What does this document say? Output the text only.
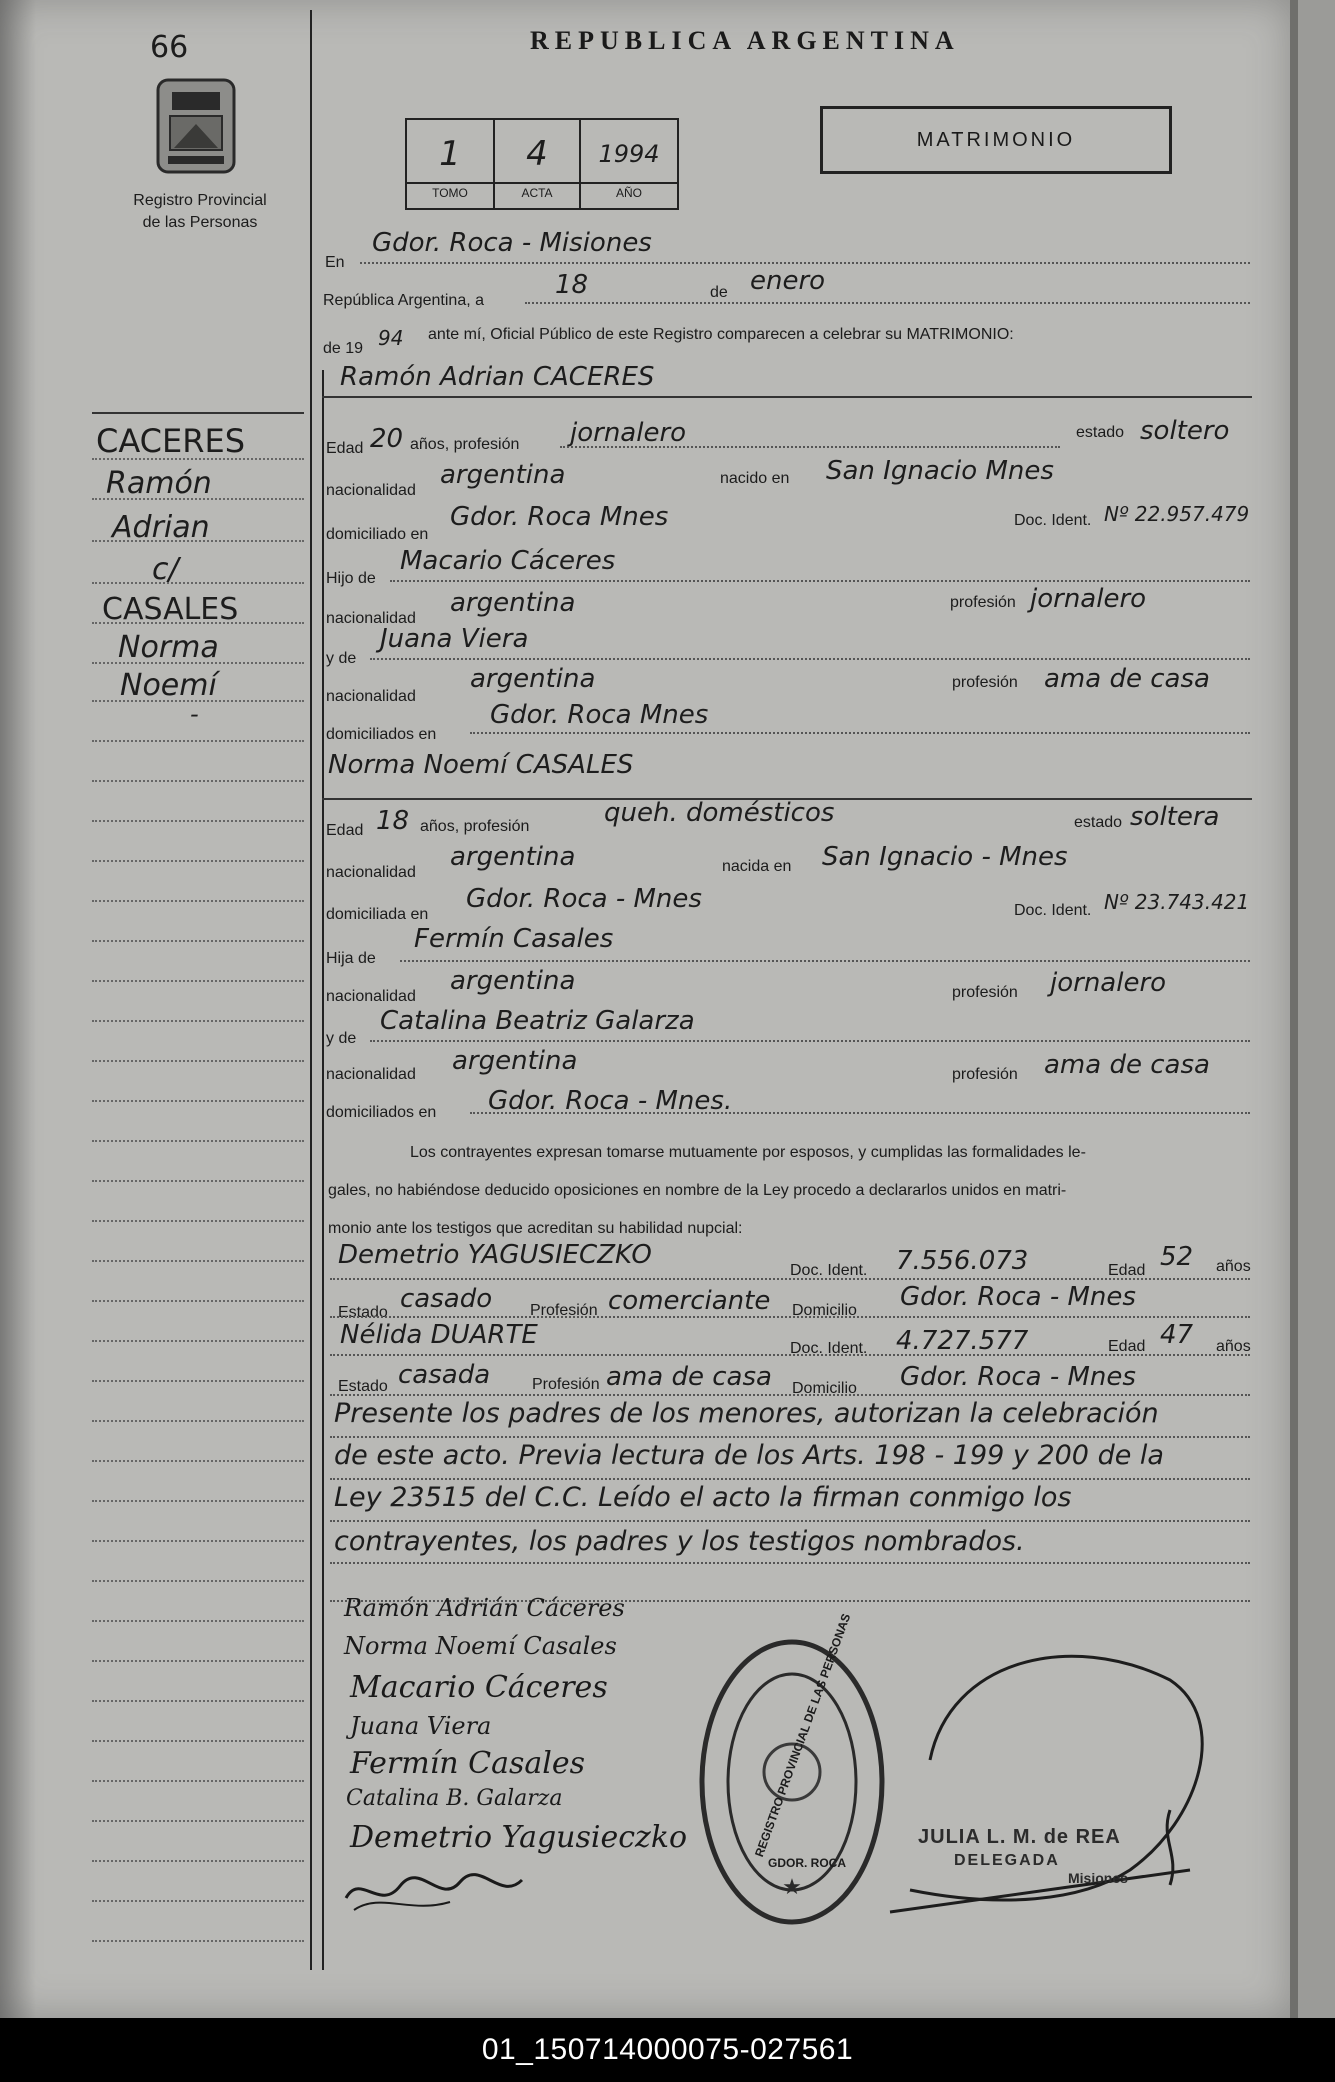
66
Registro Provincial
de las Personas
REPUBLICA ARGENTINA
1	4	1994
TOMO	ACTA	AÑO
MATRIMONIO
En
Gdor. Roca - Misiones
República Argentina, a
18	de enero
de 19 94 ante mí, Oficial Público de este Registro comparecen a celebrar su MATRIMONIO:
CACERES
Ramón
Adrian
c/
CASALES
Norma
Noemí
-
Ramón Adrian CACERES
Edad 20 años, profesión jornalero	estado soltero
nacionalidad
argentina	nacido en San Ignacio Mnes
domiciliado en
Gdor. Roca Mnes	Doc. Ident. Nº 22.957.479
Hijo de
Macario Cáceres
nacionalidad
argentina	profesión jornalero
y de
Juana Viera
nacionalidad
argentina	profesión ama de casa
domiciliados en
Gdor. Roca Mnes
Norma Noemí CASALES
Edad 18 años, profesión	queh. domésticos	estado soltera
nacionalidad
argentina	nacida en San Ignacio - Mnes
domiciliada en
Gdor. Roca - Mnes	Doc. Ident. Nº 23.743.421
Hija de
Fermín Casales
nacionalidad
argentina	profesión jornalero
y de
Catalina Beatriz Galarza
nacionalidad argentina	profesión ama de casa
domiciliados en Gdor. Roca - Mnes.
Los contrayentes expresan tomarse mutuamente por esposos, y cumplidas las formalidades le-
gales, no habiéndose deducido oposiciones en nombre de la Ley procedo a declararlos unidos en matri-
monio ante los testigos que acreditan su habilidad nupcial:
Demetrio YAGUSIECZKO
Doc. Ident. 7.556.073	Edad 52 años
Estado casado Profesión comerciante Domicilio Gdor. Roca - Mnes
Nélida DUARTE	Doc. Ident. 4.727.577	Edad 47 años
Estado casada	Profesión ama de casa Domicilio Gdor. Roca - Mnes
Presente los padres de los menores, autorizan la celebración
de este acto. Previa lectura de los Arts. 198 - 199 y 200 de la
Ley 23515 del C.C. Leído el acto la firman conmigo los
contrayentes, los padres y los testigos nombrados.
Ramón Adrián Cáceres
Norma Noemí Casales
Macario Cáceres
Juana Viera
Fermín Casales
Catalina B. Galarza
Demetrio Yagusieczko
★
REGISTRO PROVINCIAL DE LAS PERSONAS
GDOR. ROCA
JULIA L. M. de REA
DELEGADA
Misiones
01_150714000075-027561
